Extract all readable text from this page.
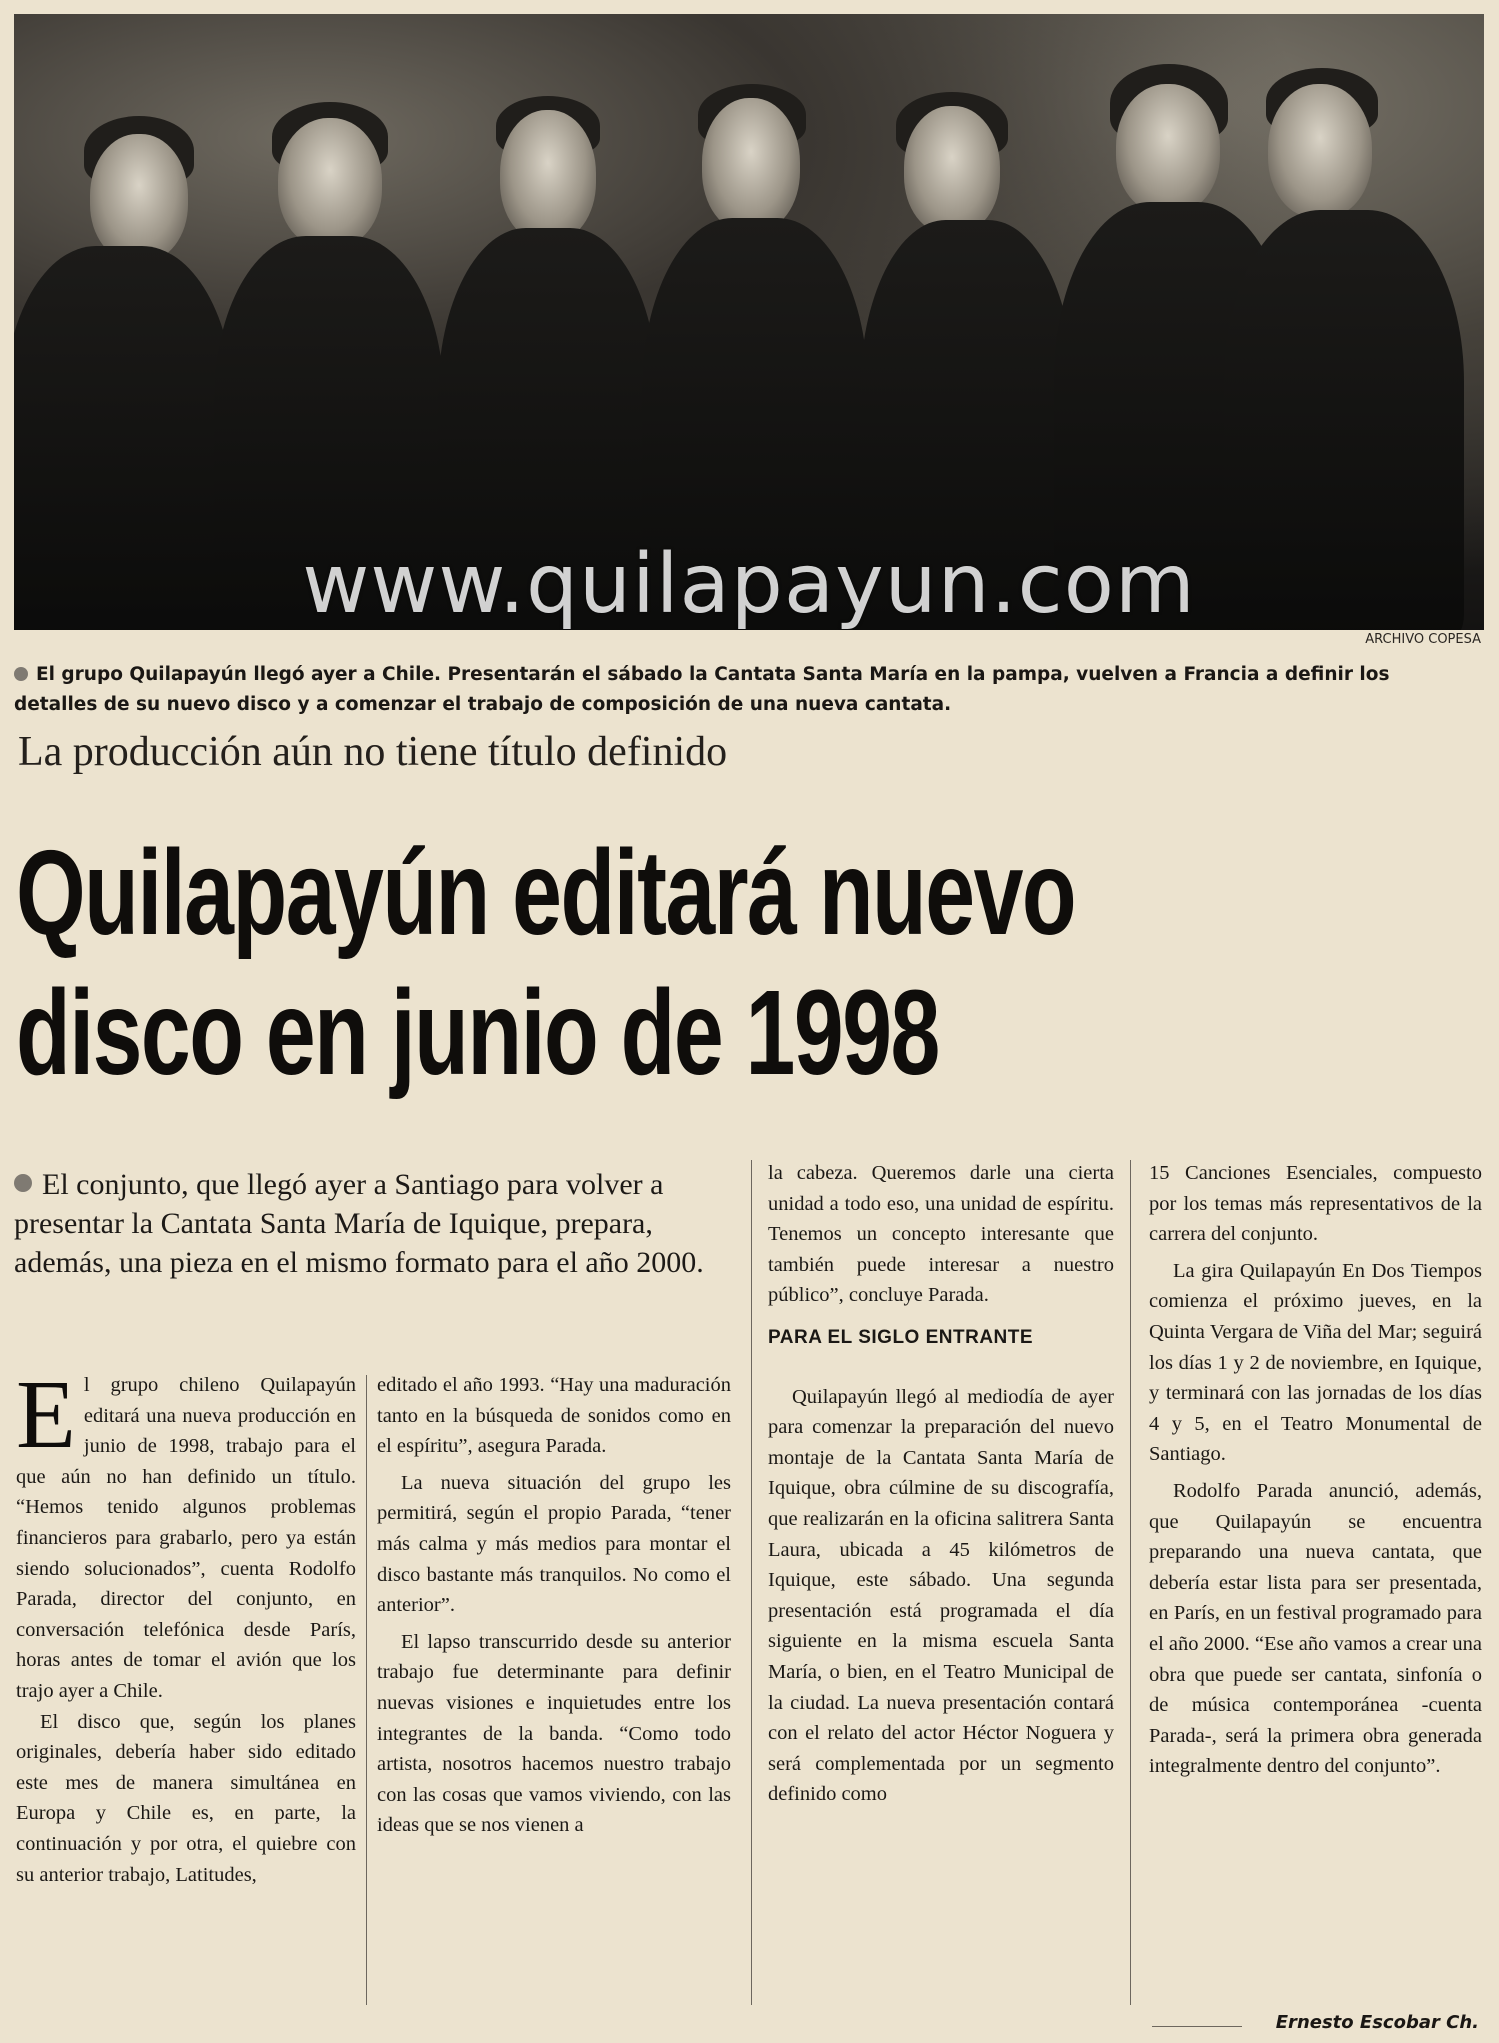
www.quilapayun.com
ARCHIVO COPESA
El grupo Quilapayún llegó ayer a Chile. Presentarán el sábado la Cantata Santa María en la pampa, vuelven a Francia a definir los detalles de su nuevo disco y a comenzar el trabajo de composición de una nueva cantata.
La producción aún no tiene título definido
Quilapayún editará nuevo
disco en junio de 1998
El conjunto, que llegó ayer a Santiago para volver a presentar la Cantata Santa María de Iquique, prepara, además, una pieza en el mismo formato para el año 2000.

El grupo chileno Quilapayún editará una nueva producción en junio de 1998, trabajo para el que aún no han definido un título. “Hemos tenido algunos problemas financieros para grabarlo, pero ya están siendo solucionados”, cuenta Rodolfo Parada, director del conjunto, en conversación telefónica desde París, horas antes de tomar el avión que los trajo ayer a Chile.

El disco que, según los planes originales, debería haber sido editado este mes de manera simultánea en Europa y Chile es, en parte, la continuación y por otra, el quiebre con su anterior trabajo, Latitudes,

editado el año 1993. “Hay una maduración tanto en la búsqueda de sonidos como en el espíritu”, asegura Parada.

La nueva situación del grupo les permitirá, según el propio Parada, “tener más calma y más medios para montar el disco bastante más tranquilos. No como el anterior”.

El lapso transcurrido desde su anterior trabajo fue determinante para definir nuevas visiones e inquietudes entre los integrantes de la banda. “Como todo artista, nosotros hacemos nuestro trabajo con las cosas que vamos viviendo, con las ideas que se nos vienen a

la cabeza. Queremos darle una cierta unidad a todo eso, una unidad de espíritu. Tenemos un concepto interesante que también puede interesar a nuestro público”, concluye Parada.

PARA EL SIGLO ENTRANTE

Quilapayún llegó al mediodía de ayer para comenzar la preparación del nuevo montaje de la Cantata Santa María de Iquique, obra cúlmine de su discografía, que realizarán en la oficina salitrera Santa Laura, ubicada a 45 kilómetros de Iquique, este sábado. Una segunda presentación está programada el día siguiente en la misma escuela Santa María, o bien, en el Teatro Municipal de la ciudad. La nueva presentación contará con el relato del actor Héctor Noguera y será complementada por un segmento definido como

15 Canciones Esenciales, compuesto por los temas más representativos de la carrera del conjunto.

La gira Quilapayún En Dos Tiempos comienza el próximo jueves, en la Quinta Vergara de Viña del Mar; seguirá los días 1 y 2 de noviembre, en Iquique, y terminará con las jornadas de los días 4 y 5, en el Teatro Monumental de Santiago.

Rodolfo Parada anunció, además, que Quilapayún se encuentra preparando una nueva cantata, que debería estar lista para ser presentada, en París, en un festival programado para el año 2000. “Ese año vamos a crear una obra que puede ser cantata, sinfonía o de música contemporánea -cuenta Parada-, será la primera obra generada integralmente dentro del conjunto”.

Ernesto Escobar Ch.
